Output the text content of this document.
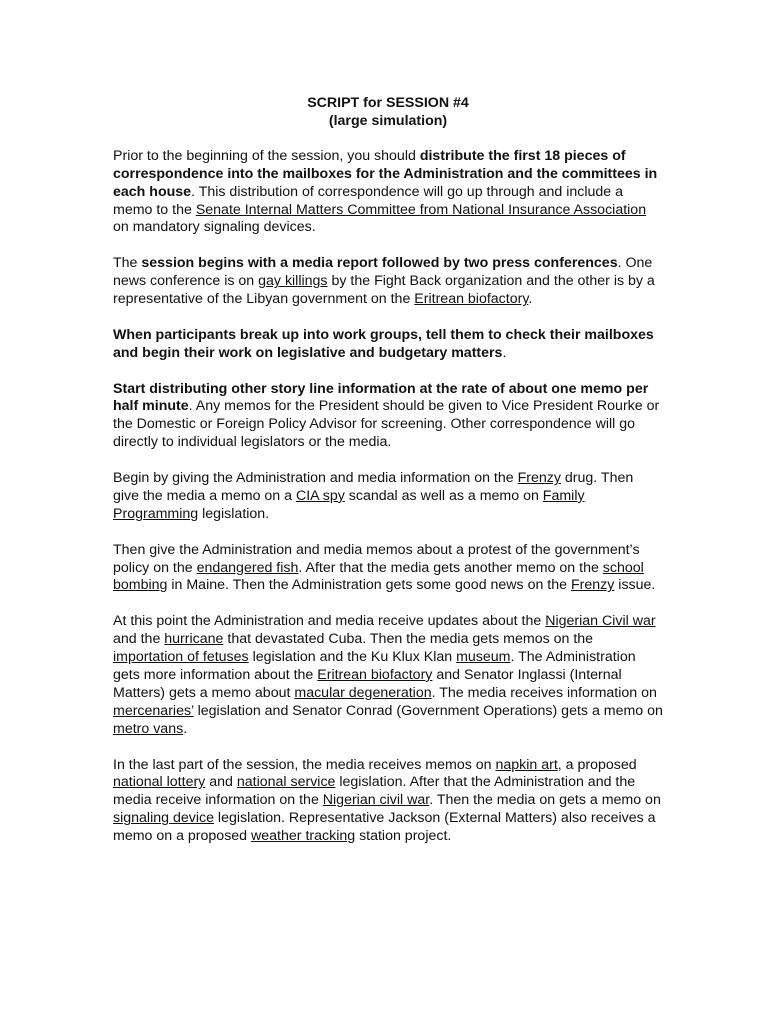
SCRIPT for SESSION #4
(large simulation)

Prior to the beginning of the session, you should distribute the first 18 pieces of correspondence into the mailboxes for the Administration and the committees in each house. This distribution of correspondence will go up through and include a memo to the Senate Internal Matters Committee from National Insurance Association on mandatory signaling devices.

The session begins with a media report followed by two press conferences. One news conference is on gay killings by the Fight Back organization and the other is by a representative of the Libyan government on the Eritrean biofactory.

When participants break up into work groups, tell them to check their mailboxes and begin their work on legislative and budgetary matters.

Start distributing other story line information at the rate of about one memo per half minute. Any memos for the President should be given to Vice President Rourke or the Domestic or Foreign Policy Advisor for screening. Other correspondence will go directly to individual legislators or the media.

Begin by giving the Administration and media information on the Frenzy drug. Then give the media a memo on a CIA spy scandal as well as a memo on Family Programming legislation.

Then give the Administration and media memos about a protest of the government’s policy on the endangered fish. After that the media gets another memo on the school bombing in Maine. Then the Administration gets some good news on the Frenzy issue.

At this point the Administration and media receive updates about the Nigerian Civil war and the hurricane that devastated Cuba. Then the media gets memos on the importation of fetuses legislation and the Ku Klux Klan museum. The Administration gets more information about the Eritrean biofactory and Senator Inglassi (Internal Matters) gets a memo about macular degeneration. The media receives information on mercenaries’ legislation and Senator Conrad (Government Operations) gets a memo on metro vans.

In the last part of the session, the media receives memos on napkin art, a proposed national lottery and national service legislation. After that the Administration and the media receive information on the Nigerian civil war. Then the media on gets a memo on signaling device legislation. Representative Jackson (External Matters) also receives a memo on a proposed weather tracking station project.
